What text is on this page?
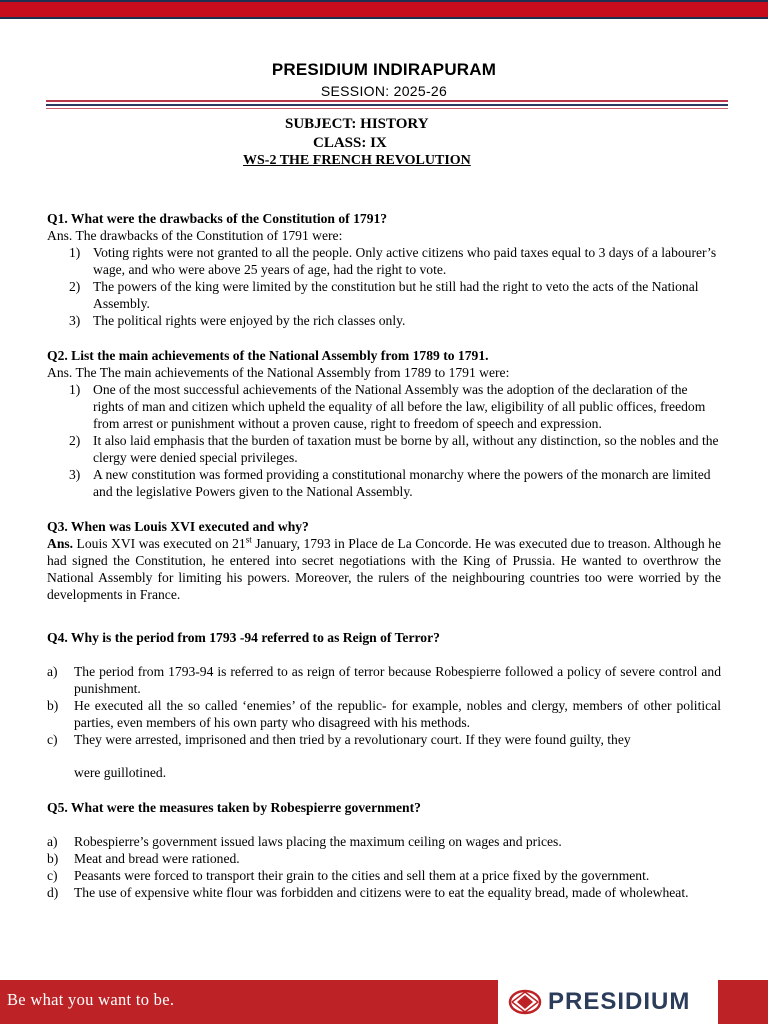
PRESIDIUM INDIRAPURAM
SESSION: 2025-26
SUBJECT: HISTORY
CLASS: IX
WS-2 THE FRENCH REVOLUTION

Q1. What were the drawbacks of the Constitution of 1791?

Ans. The drawbacks of the Constitution of 1791 were:

1) Voting rights were not granted to all the people. Only active citizens who paid taxes equal to 3 days of a labourer’s wage, and who were above 25 years of age, had the right to vote.
2) The powers of the king were limited by the constitution but he still had the right to veto the acts of the National Assembly.
3) The political rights were enjoyed by the rich classes only.

Q2. List the main achievements of the National Assembly from 1789 to 1791.

Ans. The The main achievements of the National Assembly from 1789 to 1791 were:

1) One of the most successful achievements of the National Assembly was the adoption of the declaration of the rights of man and citizen which upheld the equality of all before the law, eligibility of all public offices, freedom from arrest or punishment without a proven cause, right to freedom of speech and expression.
2) It also laid emphasis that the burden of taxation must be borne by all, without any distinction, so the nobles and the clergy were denied special privileges.
3) A new constitution was formed providing a constitutional monarchy where the powers of the monarch are limited and the legislative Powers given to the National Assembly.

Q3. When was Louis XVI executed and why?

Ans. Louis XVI was executed on 21st January, 1793 in Place de La Concorde. He was executed due to treason. Although he had signed the Constitution, he entered into secret negotiations with the King of Prussia. He wanted to overthrow the National Assembly for limiting his powers. Moreover, the rulers of the neighbouring countries too were worried by the developments in France.

Q4. Why is the period from 1793 -94 referred to as Reign of Terror?

a) The period from 1793-94 is referred to as reign of terror because Robespierre followed a policy of severe control and punishment.
b) He executed all the so called ‘enemies’ of the republic- for example, nobles and clergy, members of other political parties, even members of his own party who disagreed with his methods.
c) They were arrested, imprisoned and then tried by a revolutionary court. If they were found guilty, they

were guillotined.

Q5. What were the measures taken by Robespierre government?

a) Robespierre’s government issued laws placing the maximum ceiling on wages and prices.
b) Meat and bread were rationed.
c) Peasants were forced to transport their grain to the cities and sell them at a price fixed by the government.
d) The use of expensive white flour was forbidden and citizens were to eat the equality bread, made of wholewheat.
Be what you want to be.	PRESIDIUM
